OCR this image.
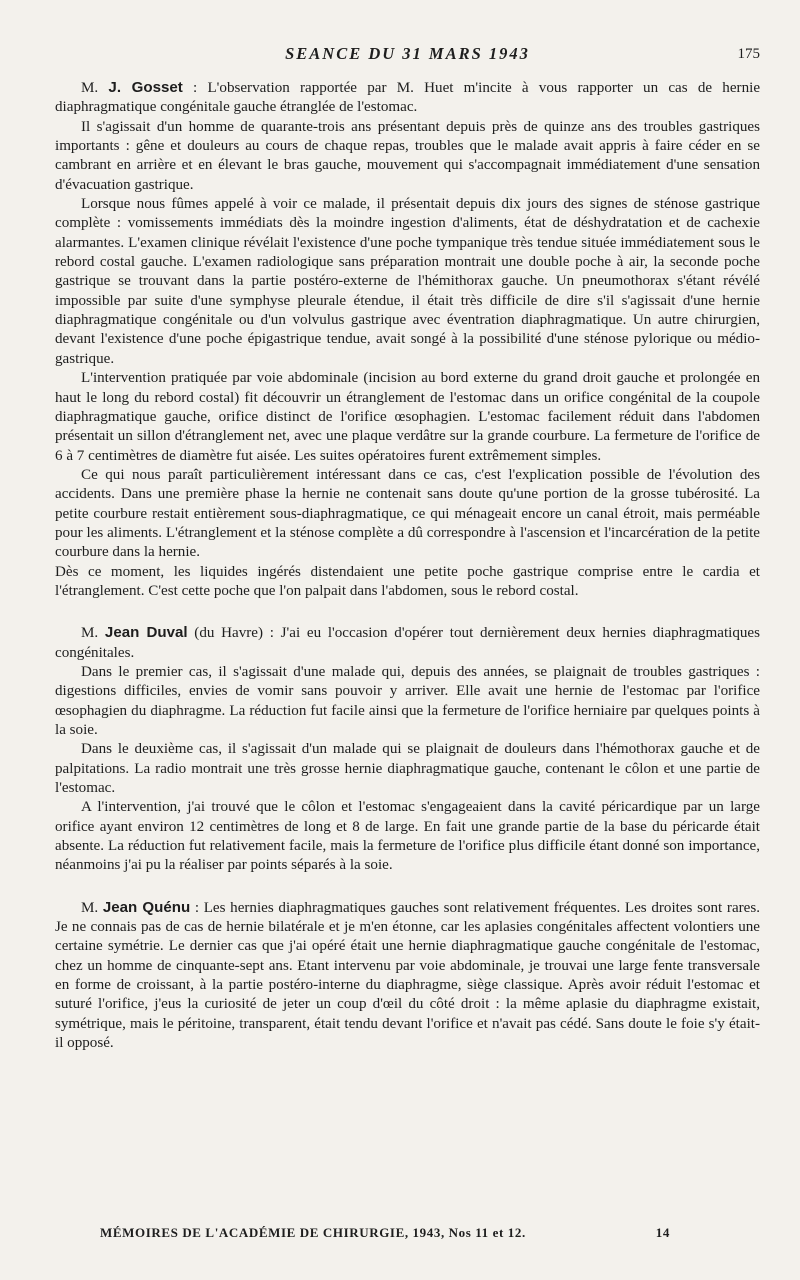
SEANCE DU 31 MARS 1943	175

M. J. Gosset : L'observation rapportée par M. Huet m'incite à vous rapporter un cas de hernie diaphragmatique congénitale gauche étranglée de l'estomac.

Il s'agissait d'un homme de quarante-trois ans présentant depuis près de quinze ans des troubles gastriques importants : gêne et douleurs au cours de chaque repas, troubles que le malade avait appris à faire céder en se cambrant en arrière et en élevant le bras gauche, mouvement qui s'accompagnait immédiatement d'une sensation d'évacuation gastrique.

Lorsque nous fûmes appelé à voir ce malade, il présentait depuis dix jours des signes de sténose gastrique complète : vomissements immédiats dès la moindre ingestion d'aliments, état de déshydratation et de cachexie alarmantes. L'examen clinique révélait l'existence d'une poche tympanique très tendue située immédiatement sous le rebord costal gauche. L'examen radiologique sans préparation montrait une double poche à air, la seconde poche gastrique se trouvant dans la partie postéro-externe de l'hémithorax gauche. Un pneumothorax s'étant révélé impossible par suite d'une symphyse pleurale étendue, il était très difficile de dire s'il s'agissait d'une hernie diaphragmatique congénitale ou d'un volvulus gastrique avec éventration diaphragmatique. Un autre chirurgien, devant l'existence d'une poche épigastrique tendue, avait songé à la possibilité d'une sténose pylorique ou médio-gastrique.

L'intervention pratiquée par voie abdominale (incision au bord externe du grand droit gauche et prolongée en haut le long du rebord costal) fit découvrir un étranglement de l'estomac dans un orifice congénital de la coupole diaphragmatique gauche, orifice distinct de l'orifice œsophagien. L'estomac facilement réduit dans l'abdomen présentait un sillon d'étranglement net, avec une plaque verdâtre sur la grande courbure. La fermeture de l'orifice de 6 à 7 centimètres de diamètre fut aisée. Les suites opératoires furent extrêmement simples.

Ce qui nous paraît particulièrement intéressant dans ce cas, c'est l'explication possible de l'évolution des accidents. Dans une première phase la hernie ne contenait sans doute qu'une portion de la grosse tubérosité. La petite courbure restait entièrement sous-diaphragmatique, ce qui ménageait encore un canal étroit, mais perméable pour les aliments. L'étranglement et la sténose complète a dû correspondre à l'ascension et l'incarcération de la petite courbure dans la hernie.

Dès ce moment, les liquides ingérés distendaient une petite poche gastrique comprise entre le cardia et l'étranglement. C'est cette poche que l'on palpait dans l'abdomen, sous le rebord costal.

M. Jean Duval (du Havre) : J'ai eu l'occasion d'opérer tout dernièrement deux hernies diaphragmatiques congénitales.

Dans le premier cas, il s'agissait d'une malade qui, depuis des années, se plaignait de troubles gastriques : digestions difficiles, envies de vomir sans pouvoir y arriver. Elle avait une hernie de l'estomac par l'orifice œsophagien du diaphragme. La réduction fut facile ainsi que la fermeture de l'orifice herniaire par quelques points à la soie.

Dans le deuxième cas, il s'agissait d'un malade qui se plaignait de douleurs dans l'hémothorax gauche et de palpitations. La radio montrait une très grosse hernie diaphragmatique gauche, contenant le côlon et une partie de l'estomac.

A l'intervention, j'ai trouvé que le côlon et l'estomac s'engageaient dans la cavité péricardique par un large orifice ayant environ 12 centimètres de long et 8 de large. En fait une grande partie de la base du péricarde était absente. La réduction fut relativement facile, mais la fermeture de l'orifice plus difficile étant donné son importance, néanmoins j'ai pu la réaliser par points séparés à la soie.

M. Jean Quénu : Les hernies diaphragmatiques gauches sont relativement fréquentes. Les droites sont rares. Je ne connais pas de cas de hernie bilatérale et je m'en étonne, car les aplasies congénitales affectent volontiers une certaine symétrie. Le dernier cas que j'ai opéré était une hernie diaphragmatique gauche congénitale de l'estomac, chez un homme de cinquante-sept ans. Etant intervenu par voie abdominale, je trouvai une large fente transversale en forme de croissant, à la partie postéro-interne du diaphragme, siège classique. Après avoir réduit l'estomac et suturé l'orifice, j'eus la curiosité de jeter un coup d'œil du côté droit : la même aplasie du diaphragme existait, symétrique, mais le péritoine, transparent, était tendu devant l'orifice et n'avait pas cédé. Sans doute le foie s'y était-il opposé.

MÉMOIRES DE L'ACADÉMIE DE CHIRURGIE, 1943, Nos 11 et 12.	14
